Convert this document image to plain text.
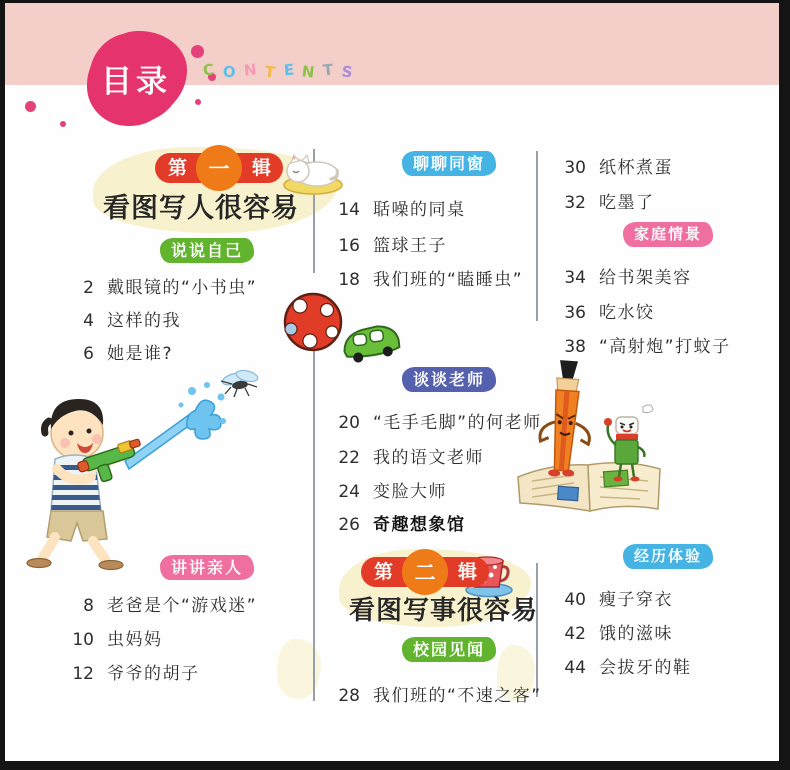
目录	C O N T E N T S
第	辑
一
看图写人很容易
说说自己
2 戴眼镜的“小书虫”
4 这样的我
6 她是谁?
讲讲亲人
8 老爸是个“游戏迷”
10 虫妈妈
12 爷爷的胡子
聊聊同窗
14 聒噪的同桌
16 篮球王子
18 我们班的“瞌睡虫”
谈谈老师
20 “毛手毛脚”的何老师
22 我的语文老师
24 变脸大师
26 奇趣想象馆
第	辑
二
看图写事很容易
校园见闻
28 我们班的“不速之客”
30 纸杯煮蛋
32 吃墨了
家庭情景
34 给书架美容
36 吃水饺
38 “高射炮”打蚊子
经历体验
40 瘦子穿衣
42 饿的滋味
44 会拔牙的鞋
